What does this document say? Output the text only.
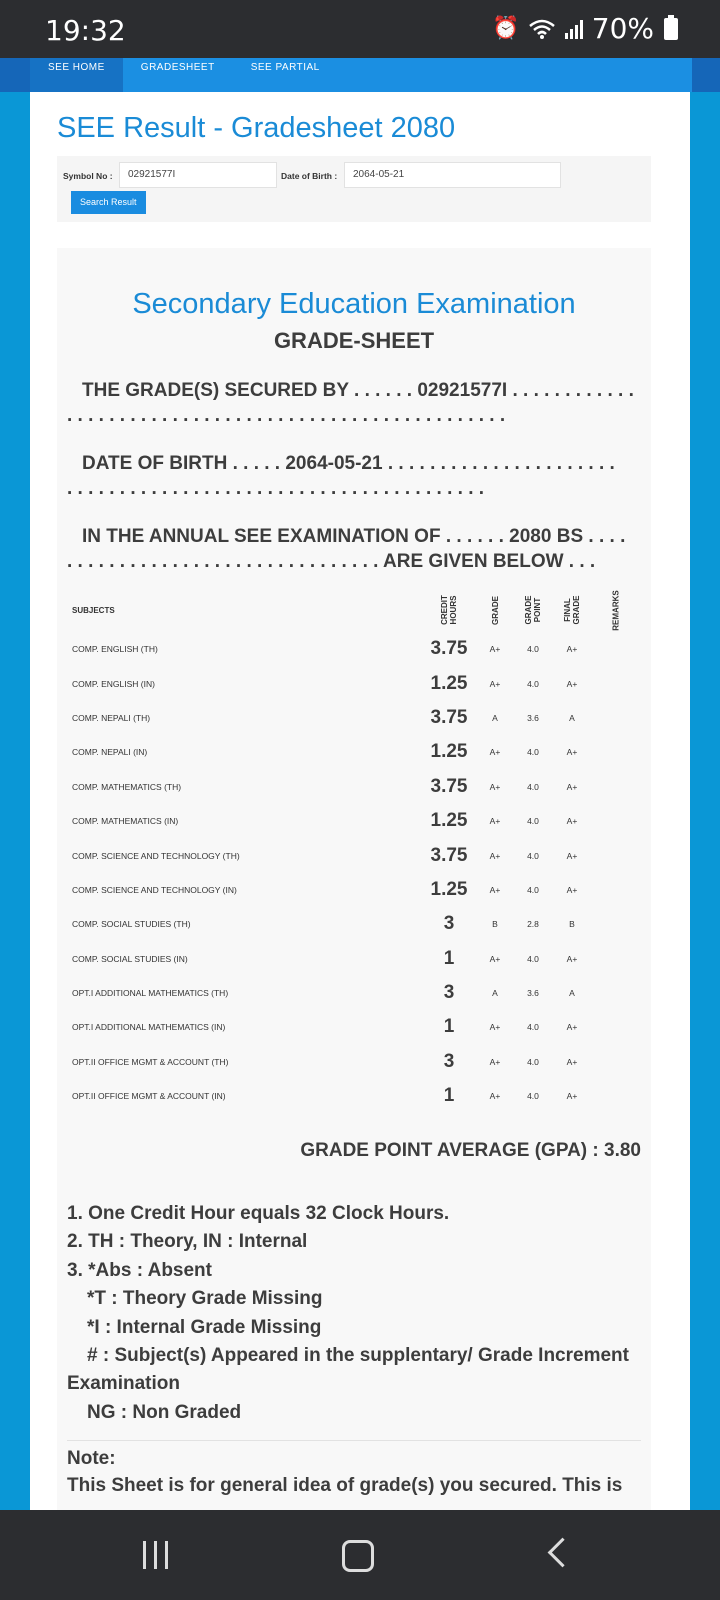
19:32	⏰	70%
SEE HOME	GRADESHEET	SEE PARTIAL
SEE Result - Gradesheet 2080
Symbol No :	02921577I	Date of Birth :	2064-05-21
Search Result
Secondary Education Examination
GRADE-SHEET

THE GRADE(S) SECURED BY . . . . . . 02921577I . . . . . . . . . . . .
. . . . . . . . . . . . . . . . . . . . . . . . . . . . . . . . . . . . . . . . . .

DATE OF BIRTH . . . . . 2064-05-21 . . . . . . . . . . . . . . . . . . . . . .
. . . . . . . . . . . . . . . . . . . . . . . . . . . . . . . . . . . . . . . .

IN THE ANNUAL SEE EXAMINATION OF . . . . . . 2080 BS . . . .
. . . . . . . . . . . . . . . . . . . . . . . . . . . . . . ARE GIVEN BELOW . . .

SUBJECTS	CREDIT HOURS	GRADE	GRADE POINT	FINAL GRADE	REMARKS
COMP. ENGLISH (TH)	3.75	A+	4.0	A+	
COMP. ENGLISH (IN)	1.25	A+	4.0	A+	
COMP. NEPALI (TH)	3.75	A	3.6	A	
COMP. NEPALI (IN)	1.25	A+	4.0	A+	
COMP. MATHEMATICS (TH)	3.75	A+	4.0	A+	
COMP. MATHEMATICS (IN)	1.25	A+	4.0	A+	
COMP. SCIENCE AND TECHNOLOGY (TH)	3.75	A+	4.0	A+	
COMP. SCIENCE AND TECHNOLOGY (IN)	1.25	A+	4.0	A+	
COMP. SOCIAL STUDIES (TH)	3	B	2.8	B	
COMP. SOCIAL STUDIES (IN)	1	A+	4.0	A+	
OPT.I ADDITIONAL MATHEMATICS (TH)	3	A	3.6	A	
OPT.I ADDITIONAL MATHEMATICS (IN)	1	A+	4.0	A+	
OPT.II OFFICE MGMT & ACCOUNT (TH)	3	A+	4.0	A+	
OPT.II OFFICE MGMT & ACCOUNT (IN)	1	A+	4.0	A+	
GRADE POINT AVERAGE (GPA) : 3.80
1. One Credit Hour equals 32 Clock Hours.
2. TH : Theory, IN : Internal
3. *Abs : Absent
*T : Theory Grade Missing
*I : Internal Grade Missing
# : Subject(s) Appeared in the supplentary/ Grade Increment
Examination
NG : Non Graded
Note:
This Sheet is for general idea of grade(s) you secured. This is
